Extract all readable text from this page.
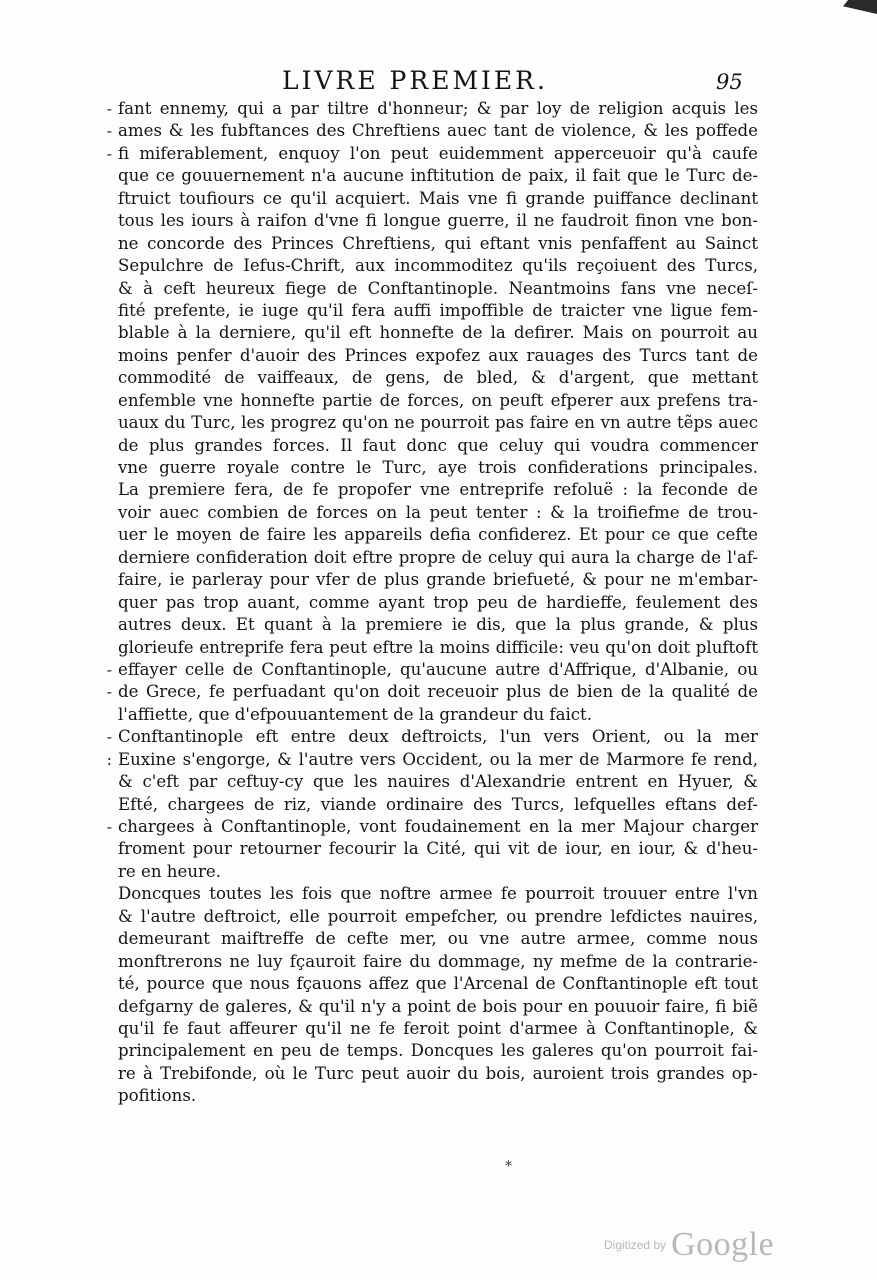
LIVRE PREMIER.	95
-
-
-
-
-
-
:
-
fant ennemy, qui a par tiltre d'honneur; & par loy de religion acquis les
ames & les fubftances des Chreftiens auec tant de violence, & les poffede
fi miferablement, enquoy l'on peut euidemment apperceuoir qu'à caufe
que ce gouuernement n'a aucune inftitution de paix, il fait que le Turc de-
ftruict toufiours ce qu'il acquiert. Mais vne fi grande puiffance declinant
tous les iours à raifon d'vne fi longue guerre, il ne faudroit finon vne bon-
ne concorde des Princes Chreftiens, qui eftant vnis penfaffent au Sainct
Sepulchre de Iefus-Chrift, aux incommoditez qu'ils reçoiuent des Turcs,
& à ceft heureux fiege de Conftantinople. Neantmoins fans vne neceſ-
fité prefente, ie iuge qu'il fera auffi impoffible de traicter vne ligue fem-
blable à la derniere, qu'il eft honnefte de la defirer. Mais on pourroit au
moins penfer d'auoir des Princes expofez aux rauages des Turcs tant de
commodité de vaiffeaux, de gens, de bled, & d'argent, que mettant
enfemble vne honnefte partie de forces, on peuft efperer aux prefens tra-
uaux du Turc, les progrez qu'on ne pourroit pas faire en vn autre tẽps auec
de plus grandes forces. Il faut donc que celuy qui voudra commencer
vne guerre royale contre le Turc, aye trois confiderations principales.
La premiere fera, de fe propofer vne entreprife refoluë : la feconde de
voir auec combien de forces on la peut tenter : & la troifiefme de trou-
uer le moyen de faire les appareils defia confiderez. Et pour ce que cefte
derniere confideration doit eftre propre de celuy qui aura la charge de l'af-
faire, ie parleray pour vfer de plus grande briefueté, & pour ne m'embar-
quer pas trop auant, comme ayant trop peu de hardieffe, feulement des
autres deux. Et quant à la premiere ie dis, que la plus grande, & plus
glorieufe entreprife fera peut eftre la moins difficile: veu qu'on doit pluftoft
effayer celle de Conftantinople, qu'aucune autre d'Affrique, d'Albanie, ou
de Grece, fe perfuadant qu'on doit receuoir plus de bien de la qualité de
l'affiette, que d'efpouuantement de la grandeur du faict.
Conftantinople eft entre deux deftroicts, l'un vers Orient, ou la mer
Euxine s'engorge, & l'autre vers Occident, ou la mer de Marmore fe rend,
& c'eft par ceftuy-cy que les nauires d'Alexandrie entrent en Hyuer, &
Efté, chargees de riz, viande ordinaire des Turcs, lefquelles eftans def-
chargees à Conftantinople, vont foudainement en la mer Majour charger
froment pour retourner fecourir la Cité, qui vit de iour, en iour, & d'heu-
re en heure.
Doncques toutes les fois que noftre armee fe pourroit trouuer entre l'vn
& l'autre deftroict, elle pourroit empefcher, ou prendre lefdictes nauires,
demeurant maiftreffe de cefte mer, ou vne autre armee, comme nous
monftrerons ne luy fçauroit faire du dommage, ny mefme de la contrarie-
té, pource que nous fçauons affez que l'Arcenal de Conftantinople eft tout
defgarny de galeres, & qu'il n'y a point de bois pour en pouuoir faire, fi biẽ
qu'il fe faut affeurer qu'il ne fe feroit point d'armee à Conftantinople, &
principalement en peu de temps. Doncques les galeres qu'on pourroit fai-
re à Trebifonde, où le Turc peut auoir du bois, auroient trois grandes op-
pofitions.
⁎
Digitized by Google
